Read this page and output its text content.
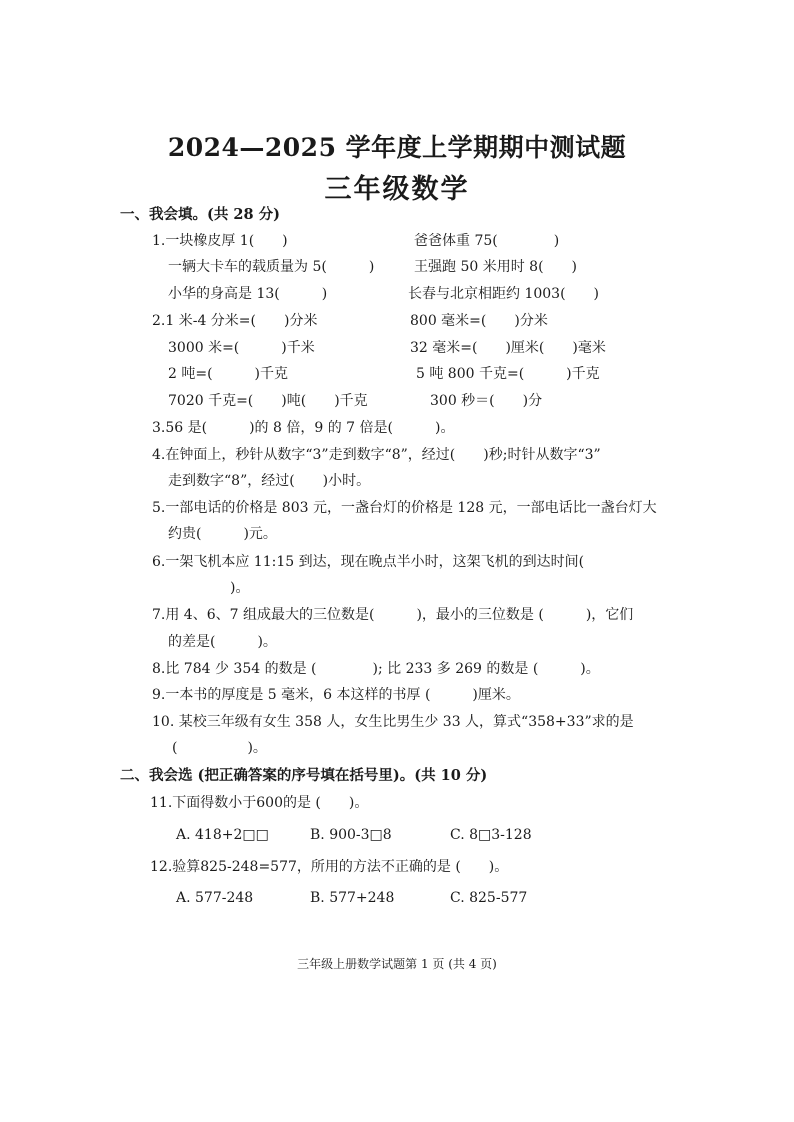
2024—2025 学年度上学期期中测试题
三年级数学
一、我会填。(共 28 分)
1.一块橡皮厚 1(　　)	爸爸体重 75(　　　　)
一辆大卡车的载质量为 5(　　　)	王强跑 50 米用时 8(　　)
小华的身高是 13(　　　)	长春与北京相距约 1003(　　)
2.1 米-4 分米=(　　)分米	800 毫米=(　　)分米
3000 米=(　　　)千米	32 毫米=(　　)厘米(　　)毫米
2 吨=(　　　)千克	5 吨 800 千克=(　　　)千克
7020 千克=(　　)吨(　　)千克	300 秒＝(　　)分
3.56 是(　　　)的 8 倍，9 的 7 倍是(　　　)。
4.在钟面上，秒针从数字“3”走到数字“8”，经过(　　)秒;时针从数字“3”
走到数字“8”，经过(　　)小时。
5.一部电话的价格是 803 元，一盏台灯的价格是 128 元，一部电话比一盏台灯大
约贵(　　　)元。
6.一架飞机本应 11:15 到达，现在晚点半小时，这架飞机的到达时间(
)。
7.用 4、6、7 组成最大的三位数是(　　　)，最小的三位数是 (　　　)，它们
的差是(　　　)。
8.比 784 少 354 的数是 (　　　　); 比 233 多 269 的数是 (　　　)。
9.一本书的厚度是 5 毫米，6 本这样的书厚 (　　　)厘米。
10. 某校三年级有女生 358 人，女生比男生少 33 人，算式“358+33”求的是
(　　　　　)。
二、我会选 (把正确答案的序号填在括号里)。(共 10 分)
11.下面得数小于600的是 (　　)。
A. 418+2□□	B. 900-3□8	C. 8□3-128
12.验算825-248=577，所用的方法不正确的是 (　　)。
A. 577-248	B. 577+248	C. 825-577
三年级上册数学试题第 1 页 (共 4 页)
